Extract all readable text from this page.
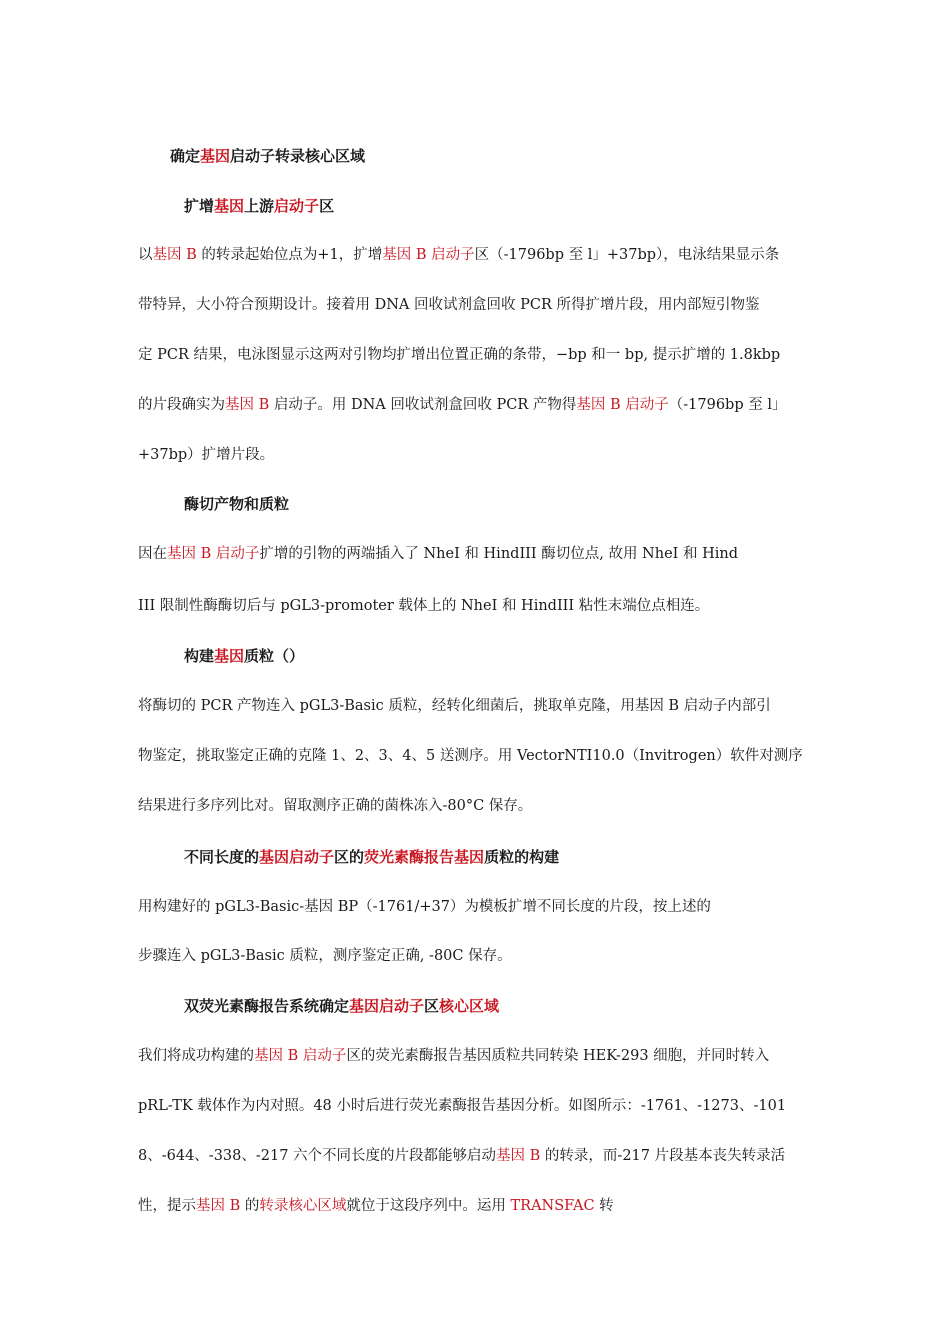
确定基因启动子转录核心区域
扩增基因上游启动子区
以基因 B 的转录起始位点为+1，扩增基因 B 启动子区（-1796bp 至 l」+37bp），电泳结果显示条
带特异，大小符合预期设计。接着用 DNA 回收试剂盒回收 PCR 所得扩增片段，用内部短引物鉴
定 PCR 结果，电泳图显示这两对引物均扩增出位置正确的条带，−bp 和一 bp, 提示扩增的 1.8kbp
的片段确实为基因 B 启动子。用 DNA 回收试剂盒回收 PCR 产物得基因 B 启动子（-1796bp 至 l」
+37bp）扩增片段。
酶切产物和质粒
因在基因 B 启动子扩增的引物的两端插入了 NheI 和 HindIII 酶切位点, 故用 NheI 和 Hind
III 限制性酶酶切后与 pGL3-promoter 载体上的 NheI 和 HindIII 粘性末端位点相连。
构建基因质粒（）
将酶切的 PCR 产物连入 pGL3-Basic 质粒，经转化细菌后，挑取单克隆，用基因 B 启动子内部引
物鉴定，挑取鉴定正确的克隆 1、2、3、4、5 送测序。用 VectorNTI10.0（Invitrogen）软件对测序
结果进行多序列比对。留取测序正确的菌株冻入-80°C 保存。
不同长度的基因启动子区的荧光素酶报告基因质粒的构建
用构建好的 pGL3-Basic-基因 BP（-1761/+37）为模板扩增不同长度的片段，按上述的
步骤连入 pGL3-Basic 质粒，测序鉴定正确, -80C 保存。
双荧光素酶报告系统确定基因启动子区核心区域
我们将成功构建的基因 B 启动子区的荧光素酶报告基因质粒共同转染 HEK-293 细胞，并同时转入
pRL-TK 载体作为内对照。48 小时后进行荧光素酶报告基因分析。如图所示：-1761、-1273、-101
8、-644、-338、-217 六个不同长度的片段都能够启动基因 B 的转录，而-217 片段基本丧失转录活
性，提示基因 B 的转录核心区域就位于这段序列中。运用 TRANSFAC 转
